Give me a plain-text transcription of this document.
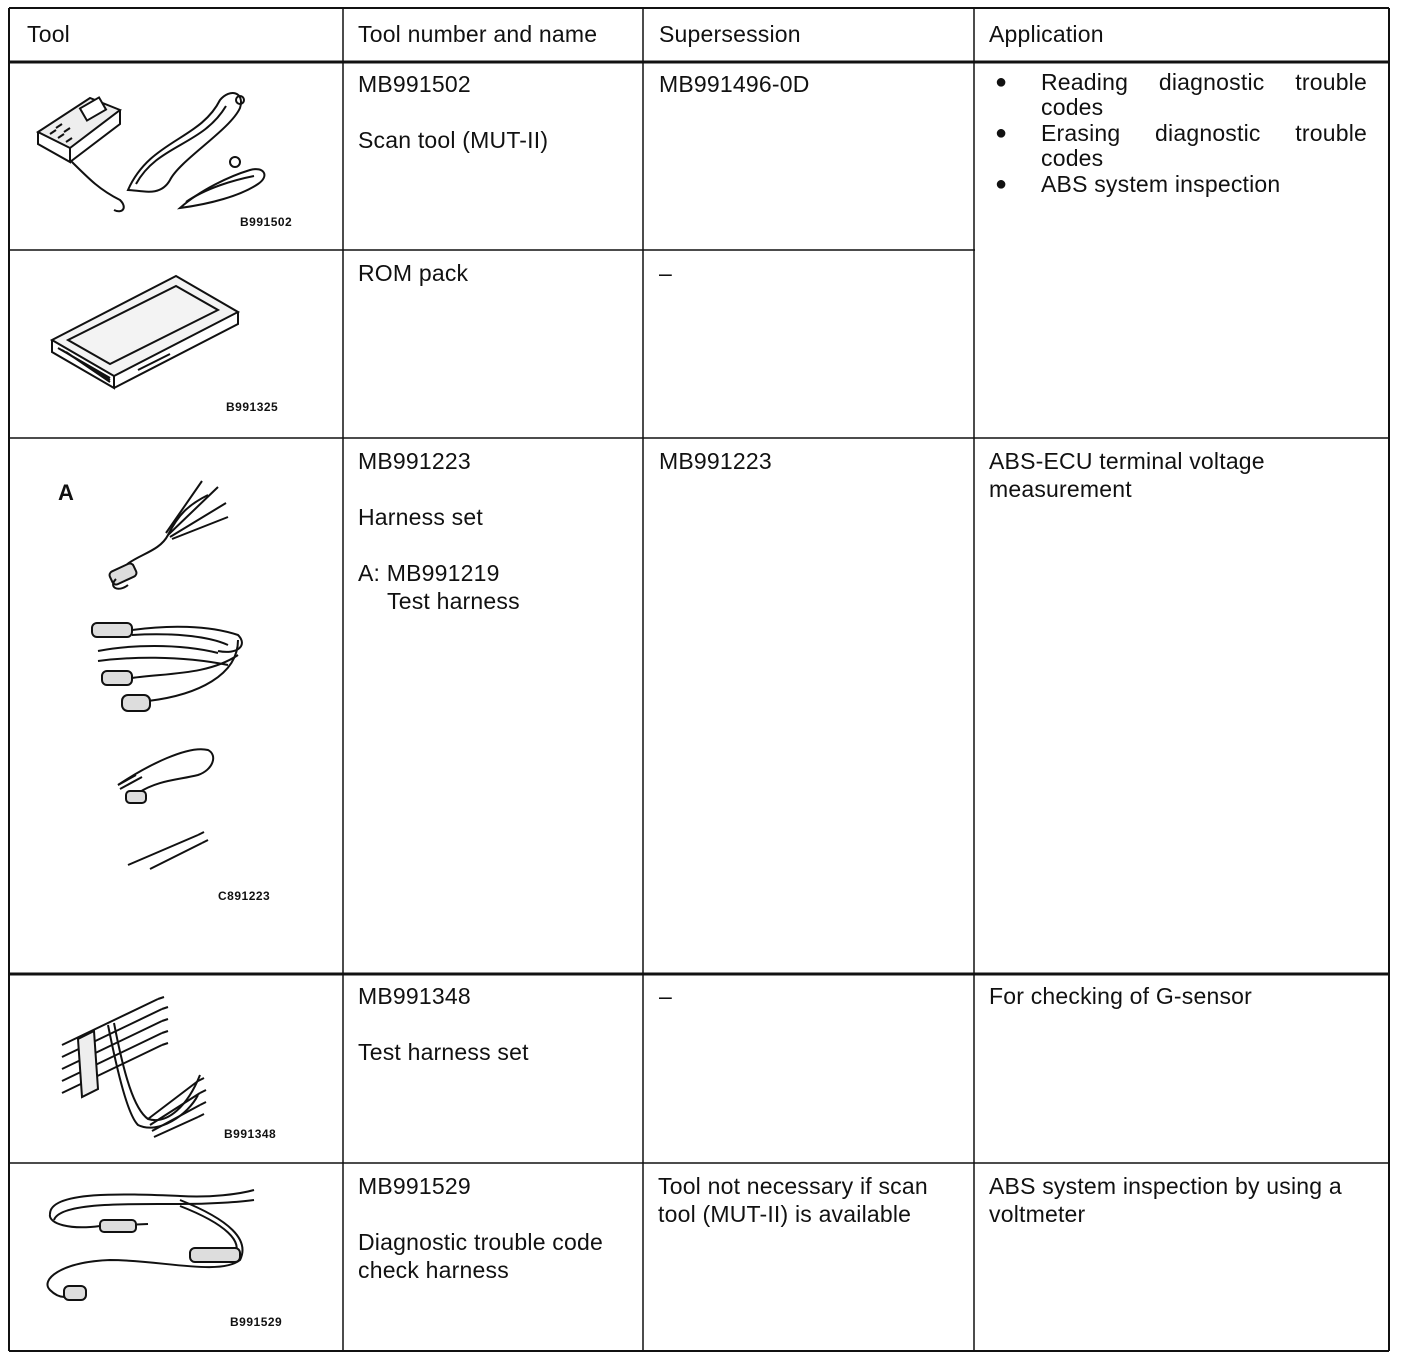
Tool	Tool number and name	Supersession	Application
B991502
MB991502
Scan tool (MUT-II)
MB991496-0D
●	Reading diagnostic trouble codes
● Erasing diagnostic trouble codes
● ABS system inspection
B991325
ROM pack	–
A
C891223
MB991223
Harness set
A: MB991219
Test harness
MB991223	ABS-ECU terminal voltage measurement
B991348
MB991348
Test harness set
–	For checking of G-sensor
B991529
MB991529
Diagnostic trouble code check harness
Tool not necessary if scan tool (MUT-II) is available
ABS system inspection by using a voltmeter
